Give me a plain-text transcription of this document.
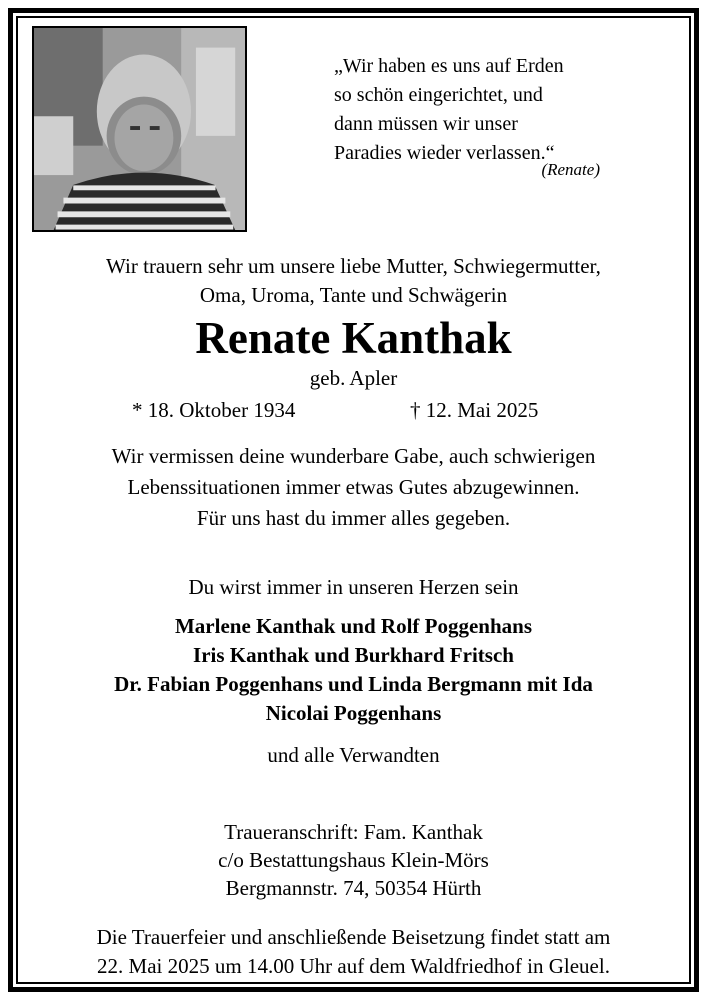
„Wir haben es uns auf Erden
so schön eingerichtet, und
dann müssen wir unser
Paradies wieder verlassen.“
(Renate)
Wir trauern sehr um unsere liebe Mutter, Schwiegermutter,
Oma, Uroma, Tante und Schwägerin
Renate Kanthak
geb. Apler
* 18. Oktober 1934	† 12. Mai 2025
Wir vermissen deine wunderbare Gabe, auch schwierigen
Lebenssituationen immer etwas Gutes abzugewinnen.
Für uns hast du immer alles gegeben.
Du wirst immer in unseren Herzen sein
Marlene Kanthak und Rolf Poggenhans
Iris Kanthak und Burkhard Fritsch
Dr. Fabian Poggenhans und Linda Bergmann mit Ida
Nicolai Poggenhans
und alle Verwandten
Traueranschrift: Fam. Kanthak
c/o Bestattungshaus Klein-Mörs
Bergmannstr. 74, 50354 Hürth
Die Trauerfeier und anschließende Beisetzung findet statt am
22. Mai 2025 um 14.00 Uhr auf dem Waldfriedhof in Gleuel.
